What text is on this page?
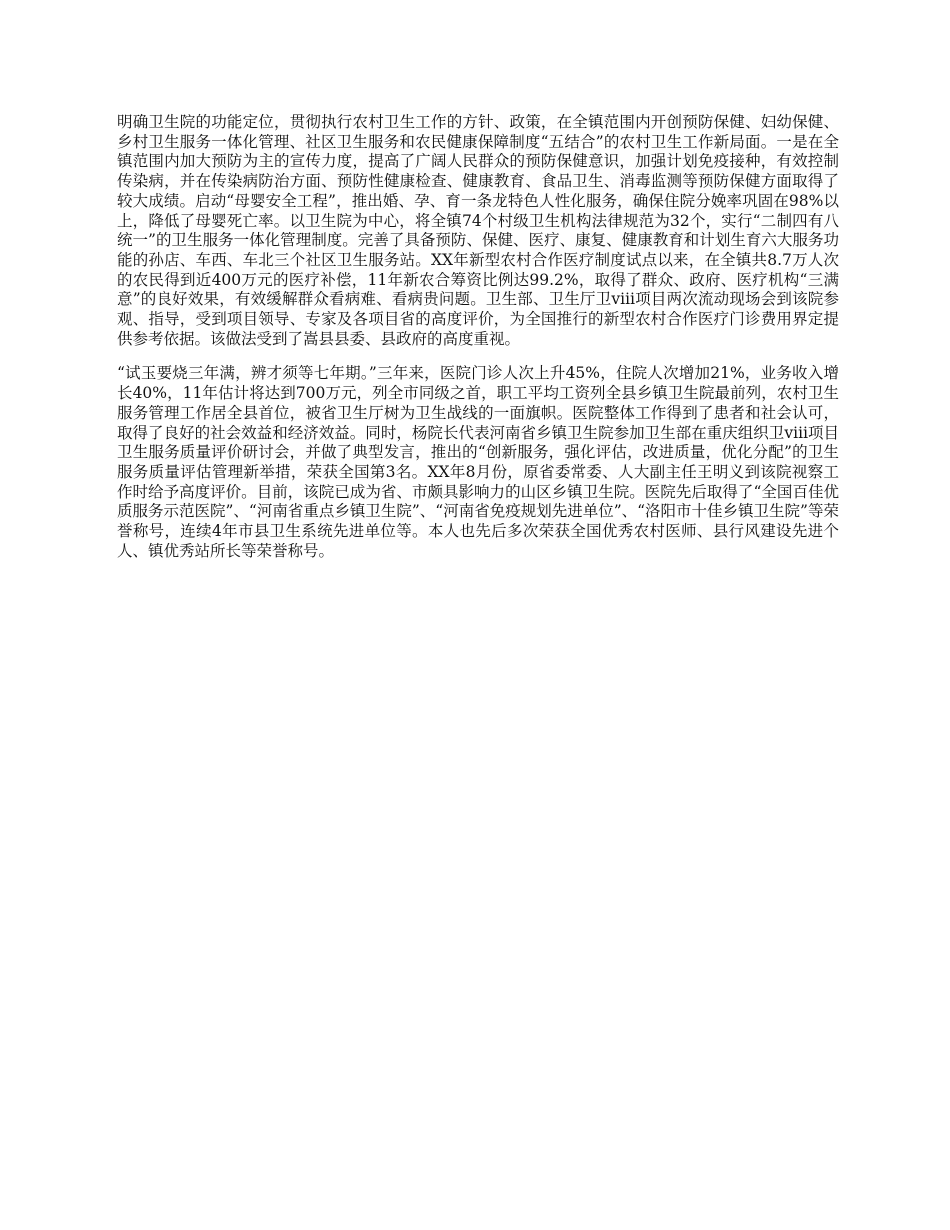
明确卫生院的功能定位，贯彻执行农村卫生工作的方针、政策，在全镇范围内开创预防保健、妇幼保健、乡村卫生服务一体化管理、社区卫生服务和农民健康保障制度“五结合”的农村卫生工作新局面。一是在全镇范围内加大预防为主的宣传力度，提高了广阔人民群众的预防保健意识，加强计划免疫接种，有效控制传染病，并在传染病防治方面、预防性健康检查、健康教育、食品卫生、消毒监测等预防保健方面取得了较大成绩。启动“母婴安全工程”，推出婚、孕、育一条龙特色人性化服务，确保住院分娩率巩固在98%以上，降低了母婴死亡率。以卫生院为中心，将全镇74个村级卫生机构法律规范为32个，实行“二制四有八统一”的卫生服务一体化管理制度。完善了具备预防、保健、医疗、康复、健康教育和计划生育六大服务功能的孙店、车西、车北三个社区卫生服务站。XX年新型农村合作医疗制度试点以来，在全镇共8.7万人次的农民得到近400万元的医疗补偿，11年新农合筹资比例达99.2%，取得了群众、政府、医疗机构“三满意”的良好效果，有效缓解群众看病难、看病贵问题。卫生部、卫生厅卫ⅷ项目两次流动现场会到该院参观、指导，受到项目领导、专家及各项目省的高度评价，为全国推行的新型农村合作医疗门诊费用界定提供参考依据。该做法受到了嵩县县委、县政府的高度重视。

“试玉要烧三年满，辨才须等七年期。”三年来，医院门诊人次上升45%，住院人次增加21%，业务收入增长40%，11年估计将达到700万元，列全市同级之首，职工平均工资列全县乡镇卫生院最前列，农村卫生服务管理工作居全县首位，被省卫生厅树为卫生战线的一面旗帜。医院整体工作得到了患者和社会认可，取得了良好的社会效益和经济效益。同时，杨院长代表河南省乡镇卫生院参加卫生部在重庆组织卫ⅷ项目卫生服务质量评价研讨会，并做了典型发言，推出的“创新服务，强化评估，改进质量，优化分配”的卫生服务质量评估管理新举措，荣获全国第3名。XX年8月份，原省委常委、人大副主任王明义到该院视察工作时给予高度评价。目前，该院已成为省、市颇具影响力的山区乡镇卫生院。医院先后取得了“全国百佳优质服务示范医院”、“河南省重点乡镇卫生院”、“河南省免疫规划先进单位”、“洛阳市十佳乡镇卫生院”等荣誉称号，连续4年市县卫生系统先进单位等。本人也先后多次荣获全国优秀农村医师、县行风建设先进个人、镇优秀站所长等荣誉称号。
